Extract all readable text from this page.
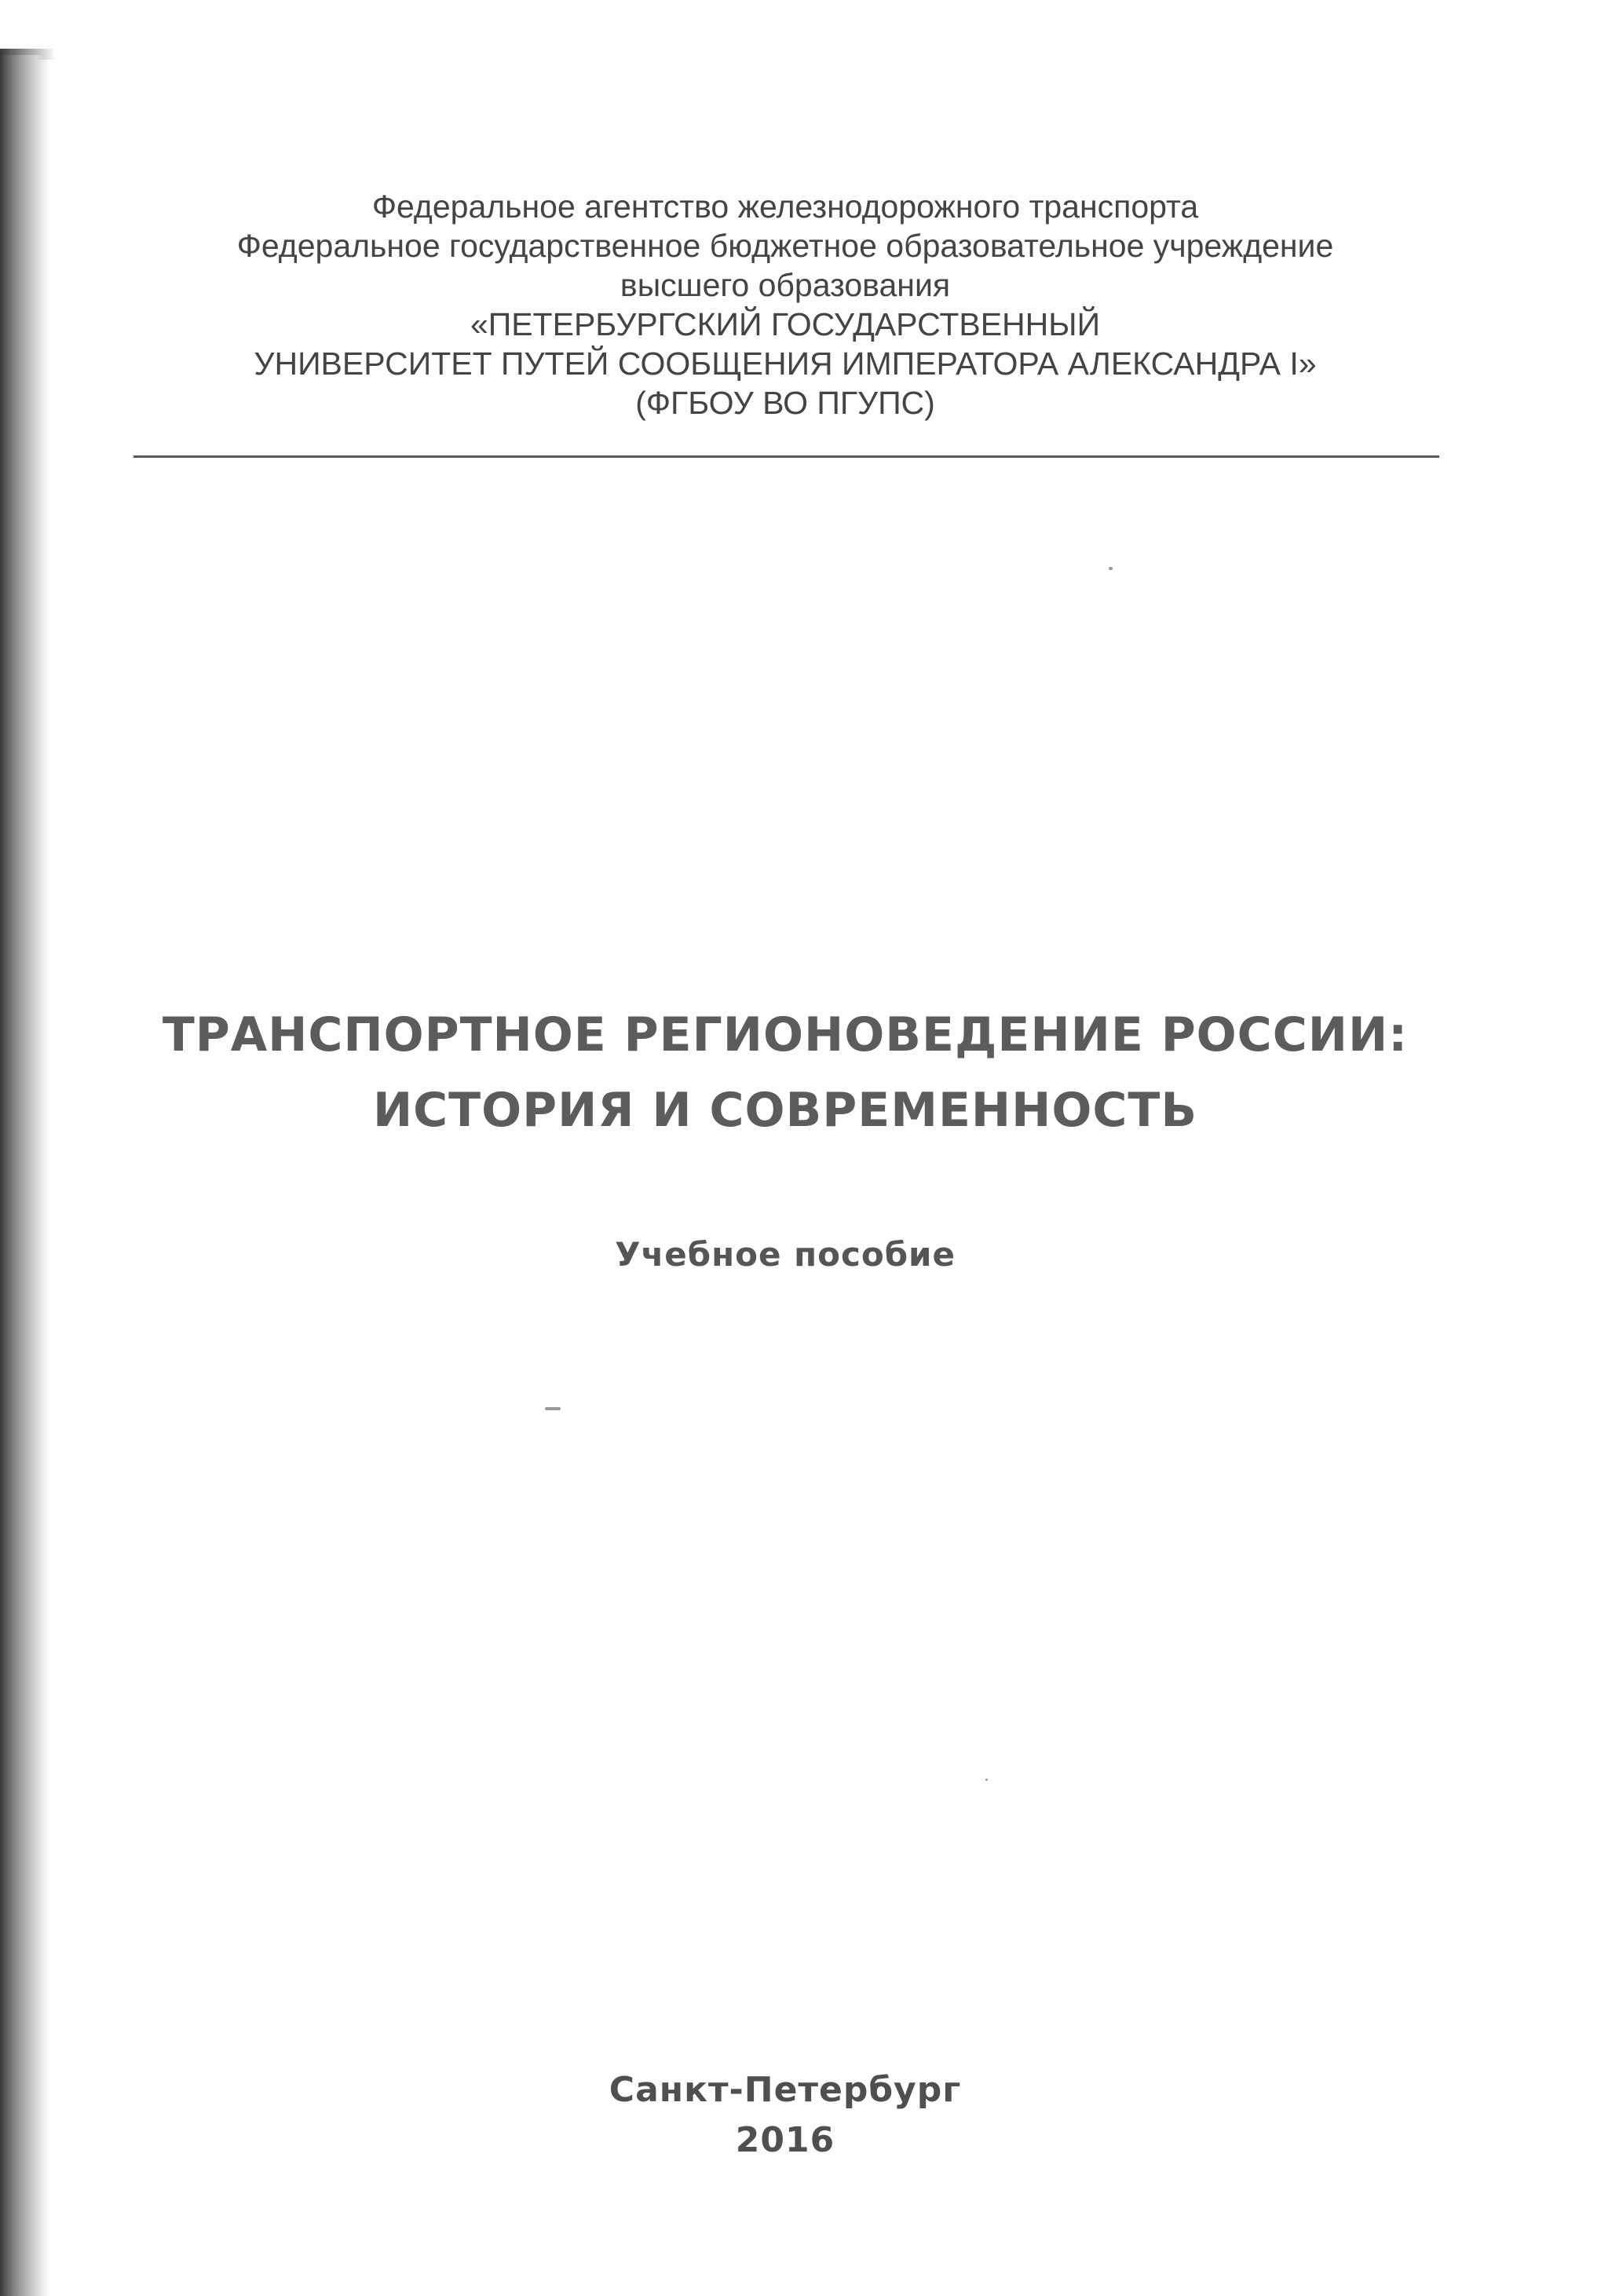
Федеральное агентство железнодорожного транспорта
Федеральное государственное бюджетное образовательное учреждение
высшего образования
«ПЕТЕРБУРГСКИЙ ГОСУДАРСТВЕННЫЙ
УНИВЕРСИТЕТ ПУТЕЙ СООБЩЕНИЯ ИМПЕРАТОРА АЛЕКСАНДРА I»
(ФГБОУ ВО ПГУПС)
ТРАНСПОРТНОЕ РЕГИОНОВЕДЕНИЕ РОССИИ:
ИСТОРИЯ И СОВРЕМЕННОСТЬ
Учебное пособие
Санкт-Петербург
2016
